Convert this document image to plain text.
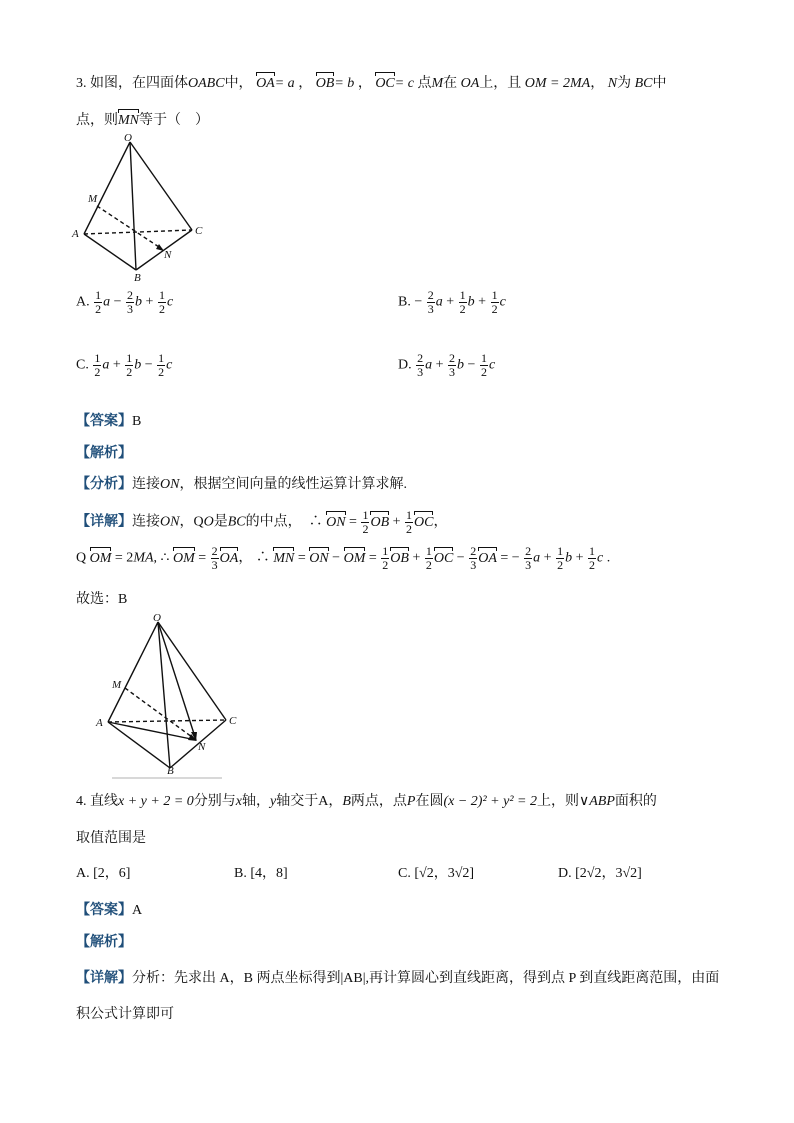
3. 如图，在四面体OABC中， OA= a ， OB= b ， OC= c 点M在 OA上，且 OM = 2MA， N为 BC中
点，则MN等于（　）
O
M
A	C
N
B
A. $\frac{1}{2}$ $a - \frac{2}{3}$ $b + \frac{1}{2}$ c	B. − $\frac{2}{3}$ $a + \frac{1}{2}$ $b + \frac{1}{2}$ c
C. $\frac{1}{2}$ $a + \frac{1}{2}$ $b - \frac{1}{2}$ c	D. $\frac{2}{3}$ $a + \frac{2}{3}$ $b - \frac{1}{2}$ c
【答案】B
【解析】
【分析】连接ON，根据空间向量的线性运算计算求解.
【详解】连接ON，QO是BC的中点，  ∴ ON = $\frac{1}{2}$ OB + $\frac{1}{2}$ OC，
Q OM = 2MA, ∴ OM = $\frac{2}{3}$ OA， ∴ MN = ON − OM = $\frac{1}{2}$ OB + $\frac{1}{2}$ OC − $\frac{2}{3}$ OA = − $\frac{2}{3}$ $a + \frac{1}{2}$ $b + \frac{1}{2}$ c .
故选：B
O
M
A	C
N
B
4. 直线x + y + 2 = 0分别与x轴，y轴交于A，B两点，点P在圆(x − 2)² + y² = 2上，则∨ABP面积的
取值范围是
A. [2，6]	B. [4，8]	C. [√2，3√2]	D. [2√2，3√2]
【答案】A
【解析】
【详解】分析：先求出 A，B 两点坐标得到|AB|,再计算圆心到直线距离，得到点 P 到直线距离范围，由面
积公式计算即可
